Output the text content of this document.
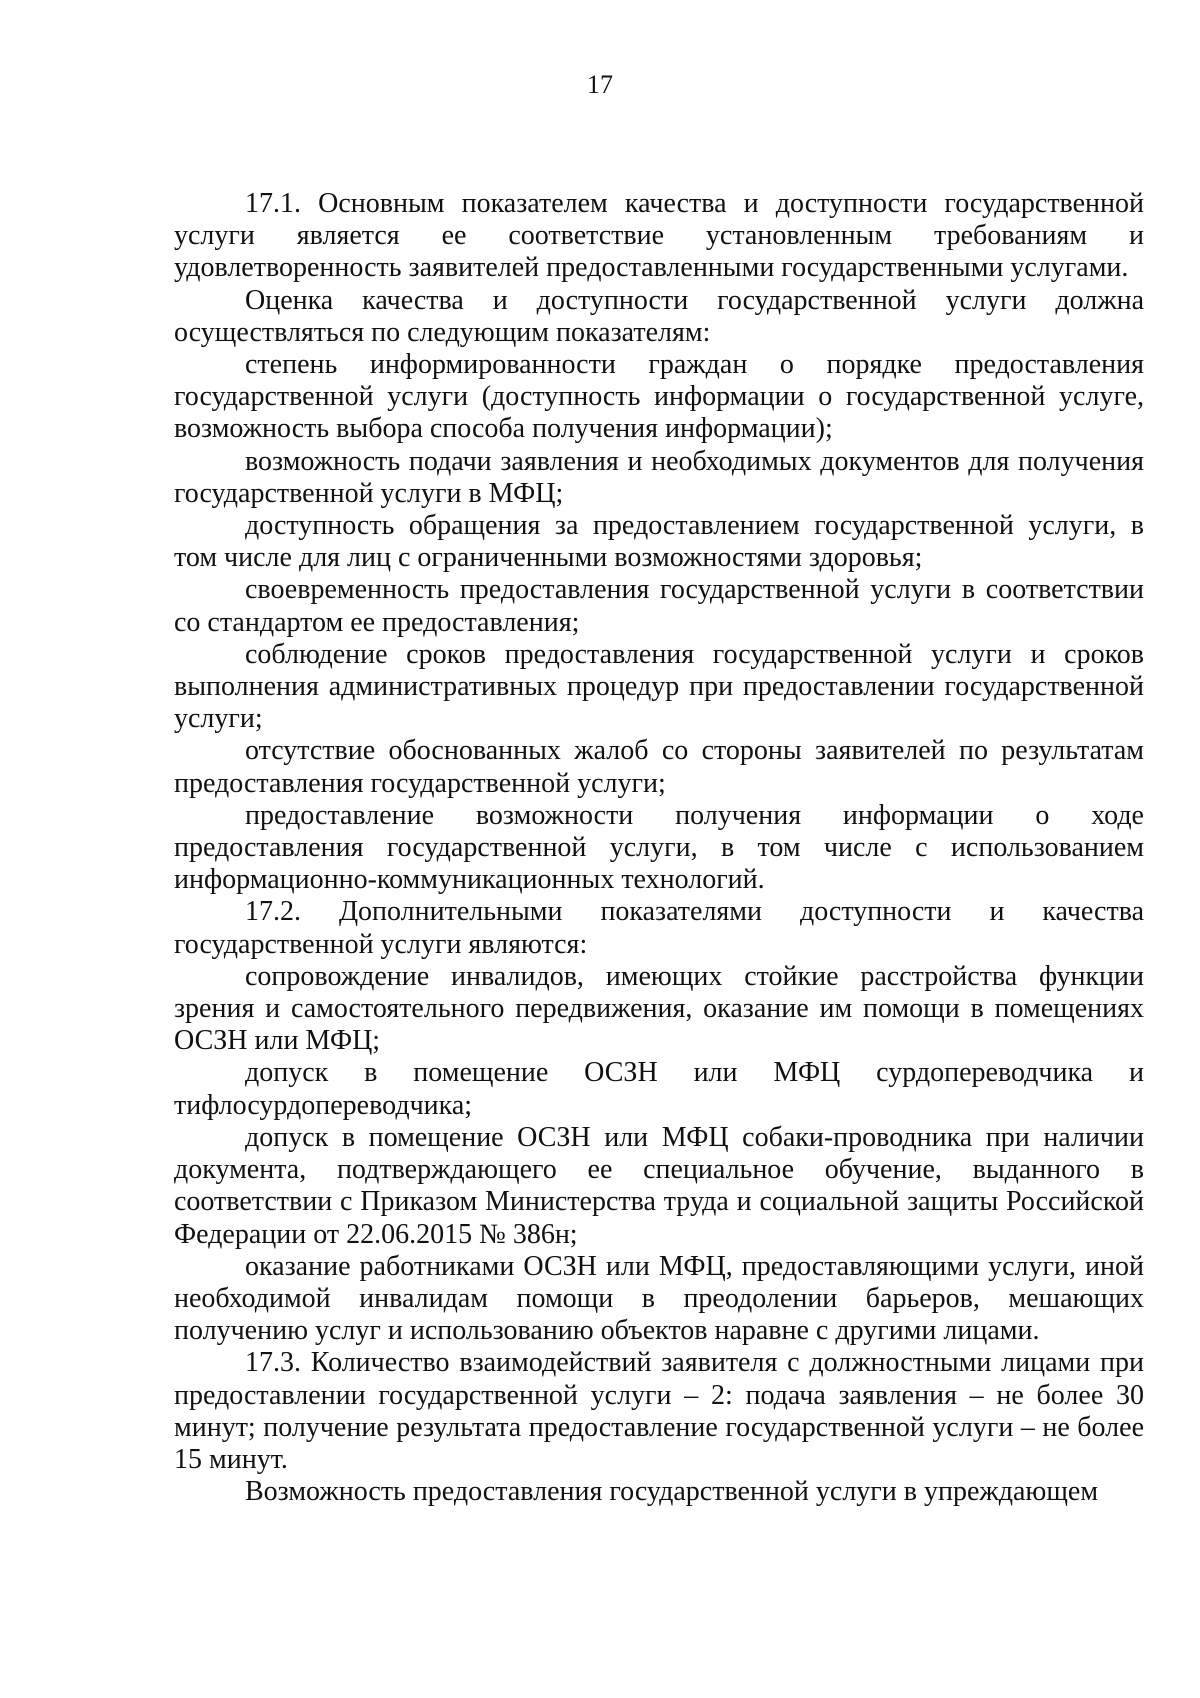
17

17.1. Основным показателем качества и доступности государственной услуги является ее соответствие установленным требованиям и удовлетворенность заявителей предоставленными государственными услугами.

Оценка качества и доступности государственной услуги должна осуществляться по следующим показателям:

степень информированности граждан о порядке предоставления государственной услуги (доступность информации о государственной услуге, возможность выбора способа получения информации);

возможность подачи заявления и необходимых документов для получения государственной услуги в МФЦ;

доступность обращения за предоставлением государственной услуги, в том числе для лиц с ограниченными возможностями здоровья;

своевременность предоставления государственной услуги в соответствии со стандартом ее предоставления;

соблюдение сроков предоставления государственной услуги и сроков выполнения административных процедур при предоставлении государственной услуги;

отсутствие обоснованных жалоб со стороны заявителей по результатам предоставления государственной услуги;

предоставление возможности получения информации о ходе предоставления государственной услуги, в том числе с использованием информационно-коммуникационных технологий.

17.2. Дополнительными показателями доступности и качества государственной услуги являются:

сопровождение инвалидов, имеющих стойкие расстройства функции зрения и самостоятельного передвижения, оказание им помощи в помещениях ОСЗН или МФЦ;

допуск в помещение ОСЗН или МФЦ сурдопереводчика и тифлосурдопереводчика;

допуск в помещение ОСЗН или МФЦ собаки-проводника при наличии документа, подтверждающего ее специальное обучение, выданного в соответствии с Приказом Министерства труда и социальной защиты Российской Федерации от 22.06.2015 № 386н;

оказание работниками ОСЗН или МФЦ, предоставляющими услуги, иной необходимой инвалидам помощи в преодолении барьеров, мешающих получению услуг и использованию объектов наравне с другими лицами.

17.3. Количество взаимодействий заявителя с должностными лицами при предоставлении государственной услуги – 2: подача заявления – не более 30 минут; получение результата предоставление государственной услуги – не более 15 минут.

Возможность предоставления государственной услуги в упреждающем
